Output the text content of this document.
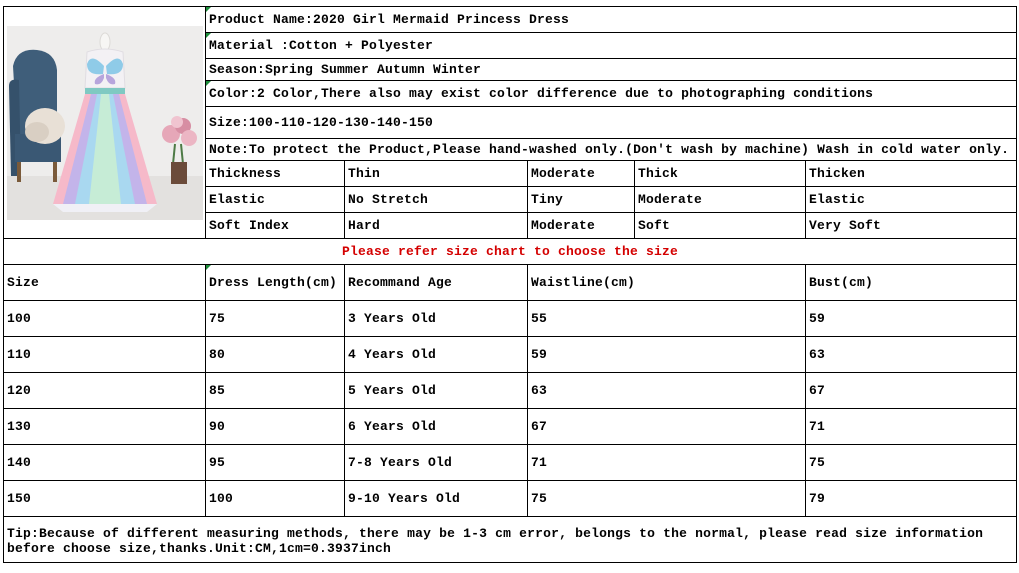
	Product Name:2020 Girl Mermaid Princess Dress				
	Material :Cotton + Polyester				
	Season:Spring Summer Autumn Winter				
	Color:2 Color,There also may exist color difference due to photographing conditions				
	Size:100-110-120-130-140-150				
	Note:To protect the Product,Please hand-washed only.(Don't wash by machine) Wash in cold water only.				
	Thickness	Thin	Moderate	Thick	Thicken
	Elastic	No Stretch	Tiny	Moderate	Elastic
	Soft Index	Hard	Moderate	Soft	Very Soft
Please refer size chart to choose the size					
Size	Dress Length(cm)	Recommand Age	Waistline(cm)		Bust(cm)
100	75	3 Years Old	55		59
110	80	4 Years Old	59		63
120	85	5 Years Old	63		67
130	90	6 Years Old	67		71
140	95	7-8 Years Old	71		75
150	100	9-10 Years Old	75		79
Tip:Because of different measuring methods, there may be 1-3 cm error, belongs to the normal, please read size information before choose size,thanks.Unit:CM,1cm=0.3937inch					
